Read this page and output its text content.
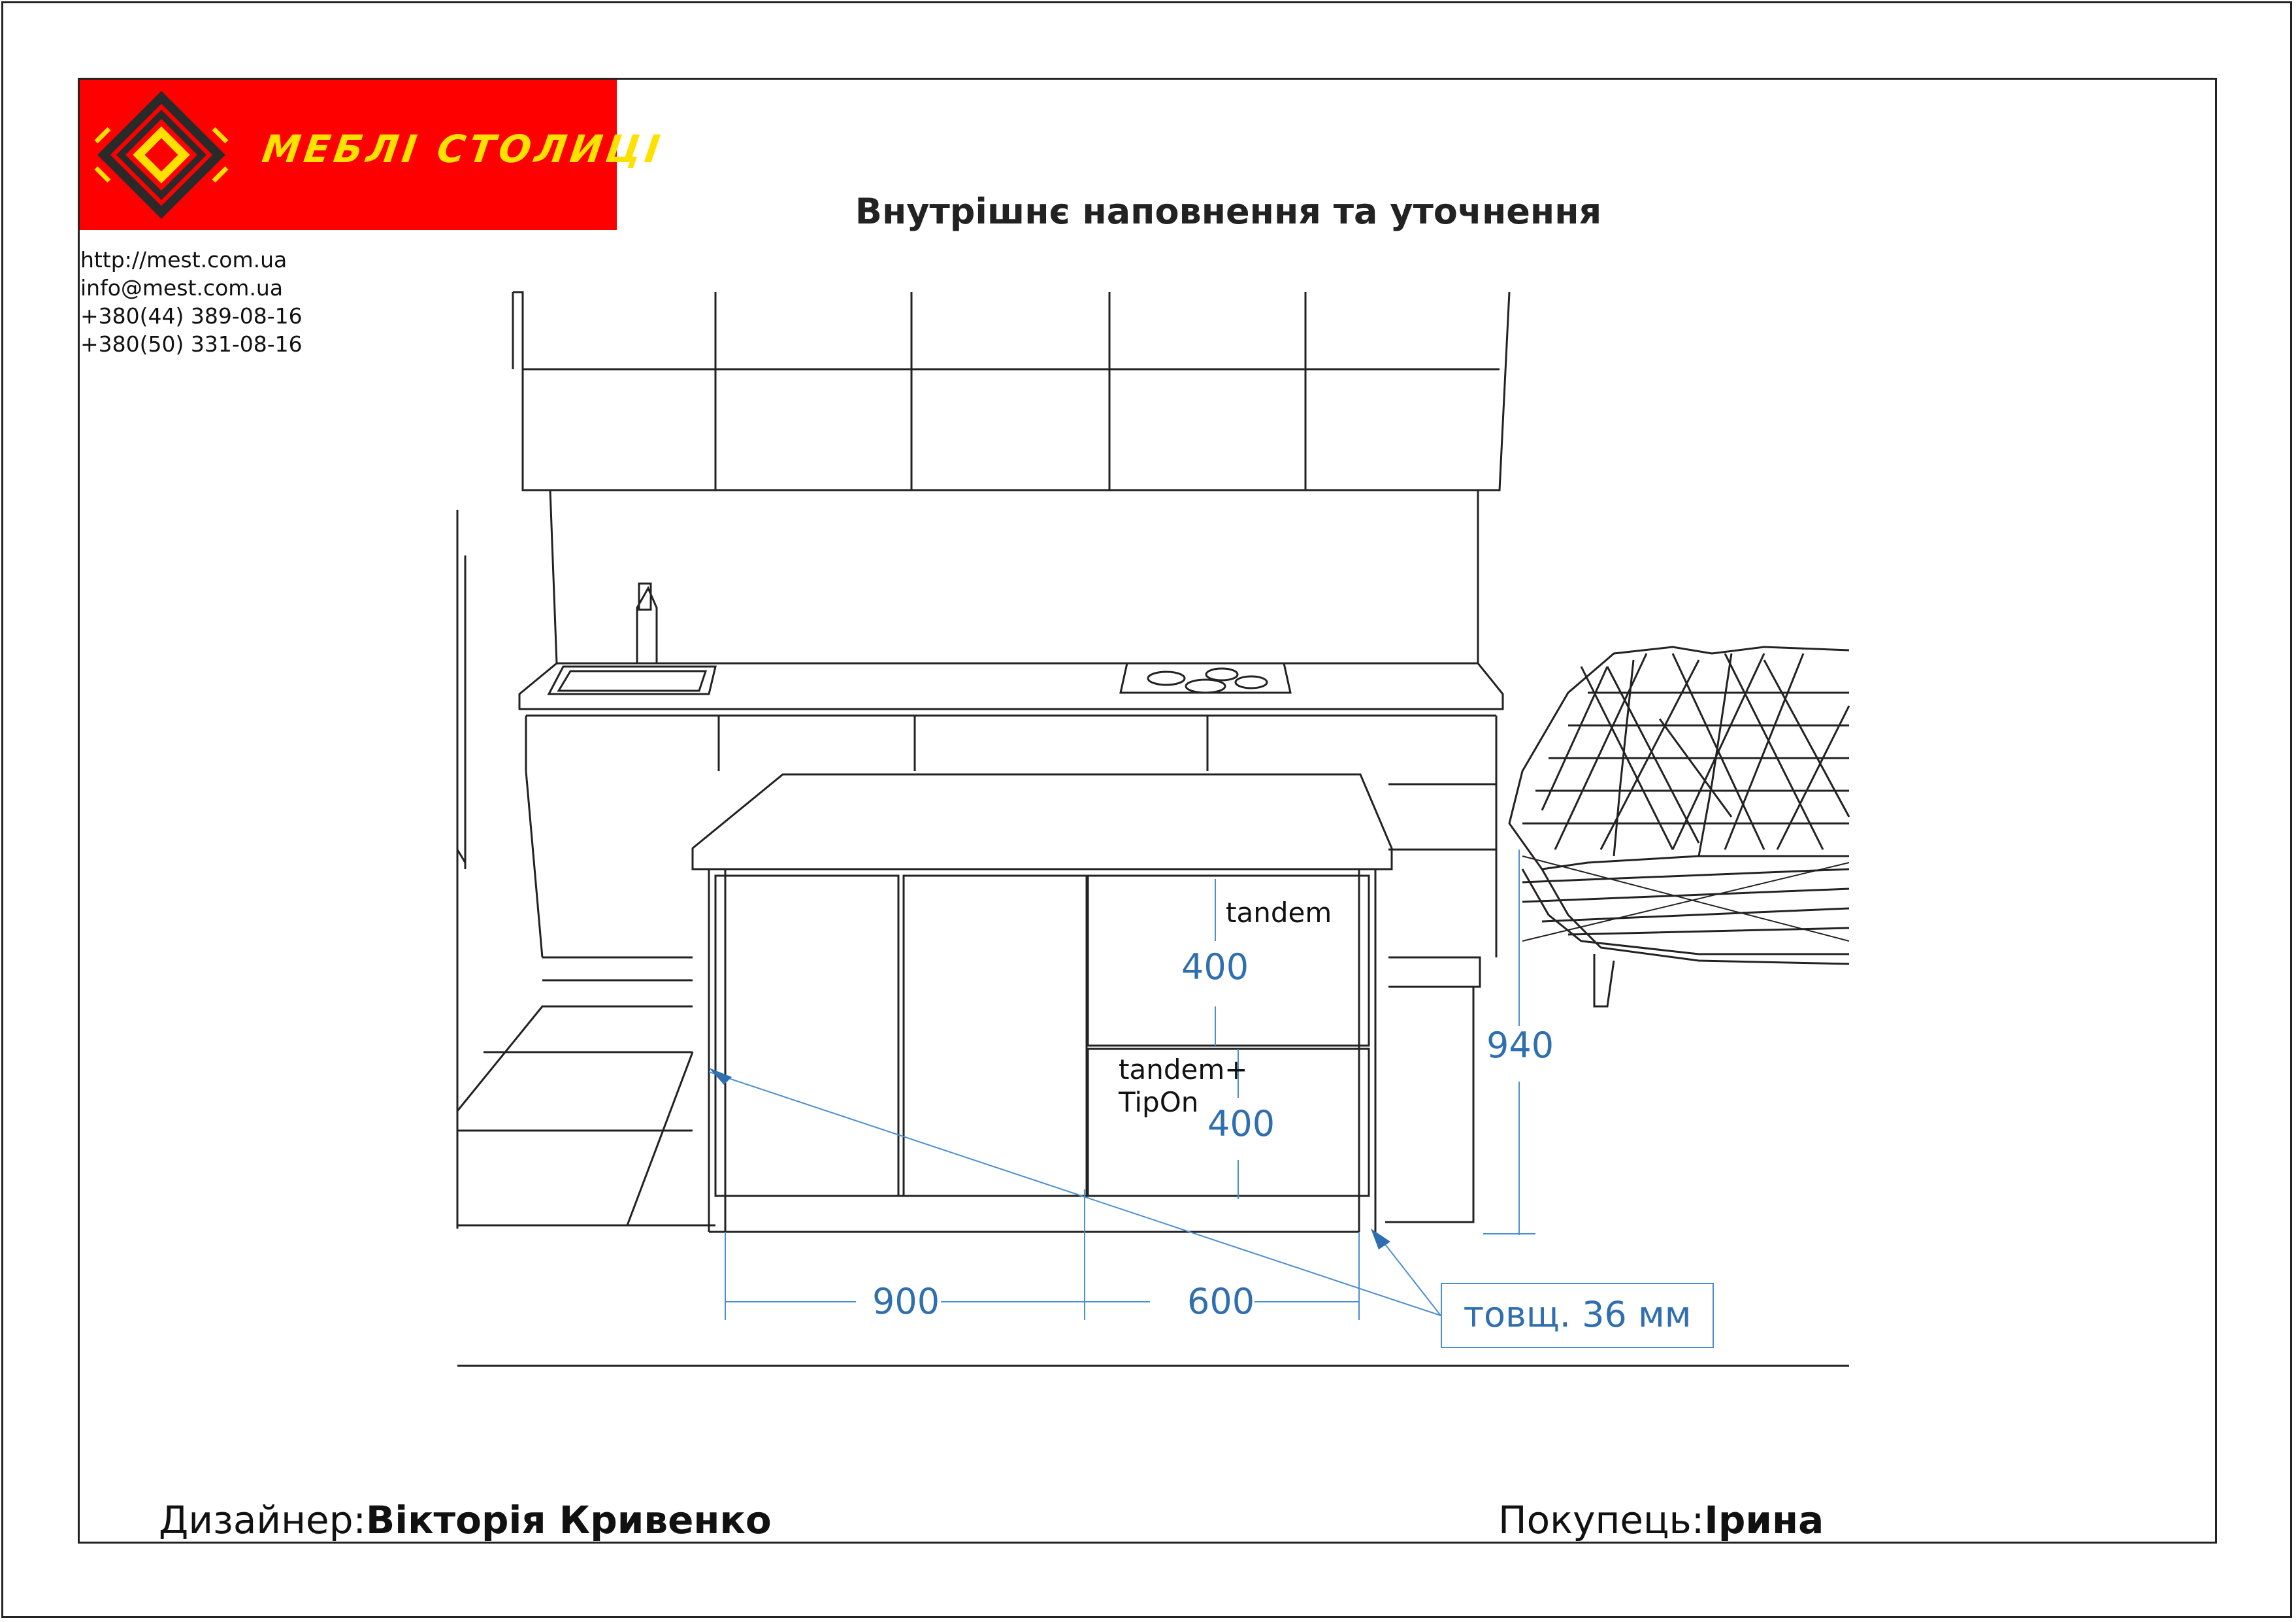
МЕБЛІ СТОЛИЦІ
http://mest.com.ua
info@mest.com.ua
+380(44) 389-08-16
+380(50) 331-08-16
Внутрішнє наповнення та уточнення
tandem
tandem+
TipOn
400
400
940
900	600	товщ. 36 мм
Дизайнер:Вікторія Кривенко	Покупець:Ірина
